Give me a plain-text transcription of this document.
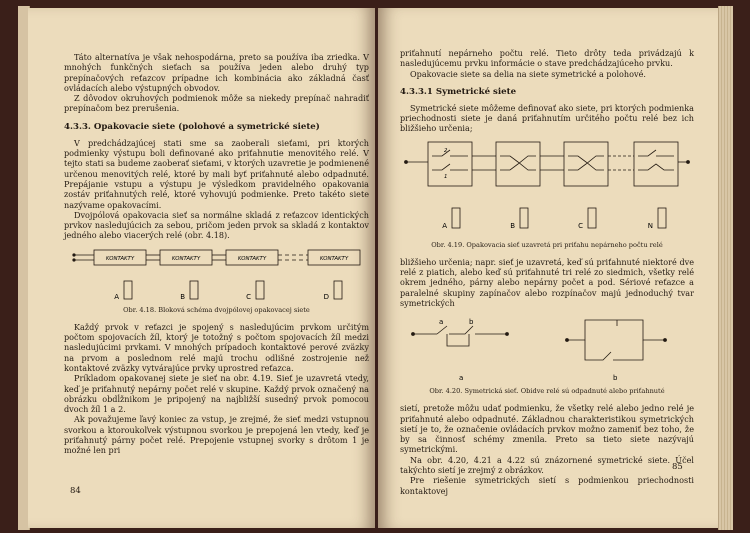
Táto alternatíva je však nehospodárna, preto sa používa iba zriedka. V mnohých funkčných sieťach sa používa jeden alebo druhý typ prepínačových reťazcov prípadne ich kombinácia ako základná časť ovládacích alebo výstupných obvodov.

Z dôvodov okruhových podmienok môže sa niekedy prepínač nahradiť prepínačom bez prerušenia.

4.3.3. Opakovacie siete (polohové a symetrické siete)

V predchádzajúcej stati sme sa zaoberali sieťami, pri ktorých podmienky výstupu boli definované ako priťahnutie menovitého relé. V tejto stati sa budeme zaoberať sieťami, v ktorých uzavretie je podmienené určenou menovitých relé, ktoré by mali byť priťahnuté alebo odpadnuté. Prepájanie vstupu a výstupu je výsledkom pravidelného opakovania zostáv priťahnutých relé, ktoré vyhovujú podmienke. Preto takéto siete nazývame opakovacími.

Dvojpólová opakovacia sieť sa normálne skladá z reťazcov identických prvkov nasledujúcich za sebou, pričom jeden prvok sa skladá z kontaktov jedného alebo viacerých relé (obr. 4.18).

KONTAKTY	KONTAKTY	KONTAKTY	KONTAKTY
A	B	C	D
Obr. 4.18. Bloková schéma dvojpólovej opakovacej siete

Každý prvok v reťazci je spojený s nasledujúcim prvkom určitým počtom spojovacích žíl, ktorý je totožný s počtom spojovacích žíl medzi nasledujúcimi prvkami. V mnohých prípadoch kontaktové perové zväzky na prvom a poslednom relé majú trochu odlišné zostrojenie než kontaktové zväzky vytvárajúce prvky uprostred reťazca.

Príkladom opakovanej siete je sieť na obr. 4.19. Sieť je uzavretá vtedy, keď je priťahnutý nepárny počet relé v skupine. Každý prvok označený na obrázku obdĺžnikom je pripojený na najbližší susedný prvok pomocou dvoch žíl 1 a 2.

Ak považujeme ľavý koniec za vstup, je zrejmé, že sieť medzi vstupnou svorkou a ktoroukoľvek výstupnou svorkou je prepojená len vtedy, keď je priťahnutý párny počet relé. Prepojenie vstupnej svorky s drôtom 1 je možné len pri

84

priťahnutí nepárneho počtu relé. Tieto drôty teda privádzajú k nasledujúcemu prvku informácie o stave predchádzajúceho prvku.

Opakovacie siete sa delia na siete symetrické a polohové.

4.3.3.1 Symetrické siete

Symetrické siete môžeme definovať ako siete, pri ktorých podmienka priechodnosti siete je daná priťahnutím určitého počtu relé bez ich bližšieho určenia;

A	B	C	N
2
1
Obr. 4.19. Opakovacia sieť uzavretá pri priťahu nepárneho počtu relé

bližšieho určenia; napr. sieť je uzavretá, keď sú priťahnuté niektoré dve relé z piatich, alebo keď sú priťahnuté tri relé zo siedmich, všetky relé okrem jedného, párny alebo nepárny počet a pod. Sériové reťazce a paralelné skupiny zapínačov alebo rozpínačov majú jednoduchý tvar symetrických

a	b
a	b
Obr. 4.20. Symetrická sieť. Obidve relé sú odpadnuté alebo priťahnuté

sietí, pretože môžu udať podmienku, že všetky relé alebo jedno relé je priťahnuté alebo odpadnuté. Základnou charakteristikou symetrických sietí je to, že označenie ovládacích prvkov možno zameniť bez toho, že by sa činnosť schémy zmenila. Preto sa tieto siete nazývajú symetrickými.

Na obr. 4.20, 4.21 a 4.22 sú znázornené symetrické siete. Účel takýchto sietí je zrejmý z obrázkov.

Pre riešenie symetrických sietí s podmienkou priechodnosti kontaktovej

85
